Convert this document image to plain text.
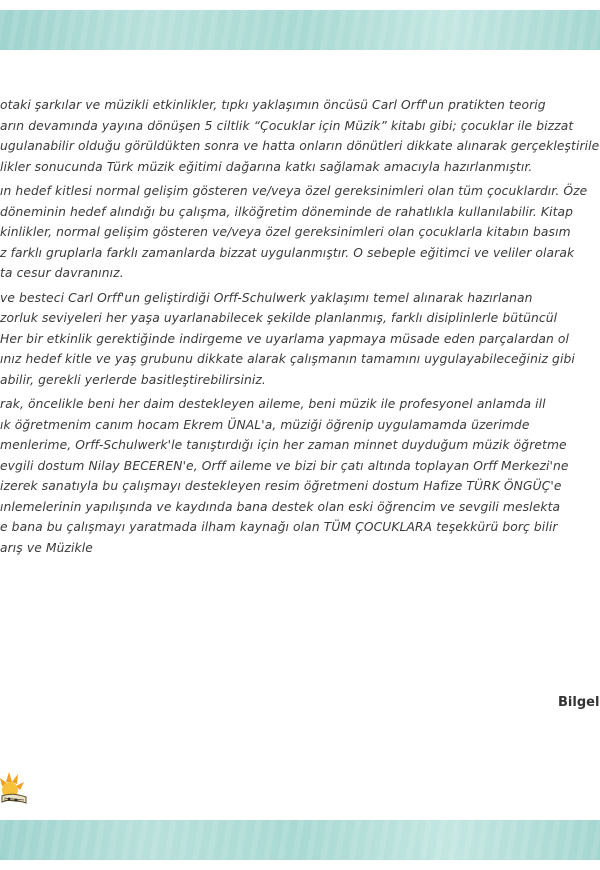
otaki şarkılar ve müzikli etkinlikler, tıpkı yaklaşımın öncüsü Carl Orff'un pratikten teorig
arın devamında yayına dönüşen 5 ciltlik “Çocuklar için Müzik” kitabı gibi; çocuklar ile bizzat
ugulanabilir olduğu görüldükten sonra ve hatta onların dönütleri dikkate alınarak gerçekleştirile
likler sonucunda Türk müzik eğitimi dağarına katkı sağlamak amacıyla hazırlanmıştır.
ın hedef kitlesi normal gelişim gösteren ve/veya özel gereksinimleri olan tüm çocuklardır. Öze
döneminin hedef alındığı bu çalışma, ilköğretim döneminde de rahatlıkla kullanılabilir. Kitap
kinlikler, normal gelişim gösteren ve/veya özel gereksinimleri olan çocuklarla kitabın basım
z farklı gruplarla farklı zamanlarda bizzat uygulanmıştır. O sebeple eğitimci ve veliler olarak
ta cesur davranınız.
ve besteci Carl Orff'un geliştirdiği Orff-Schulwerk yaklaşımı temel alınarak hazırlanan
zorluk seviyeleri her yaşa uyarlanabilecek şekilde planlanmış, farklı disiplinlerle bütüncül
Her bir etkinlik gerektiğinde indirgeme ve uyarlama yapmaya müsade eden parçalardan ol
ınız hedef kitle ve yaş grubunu dikkate alarak çalışmanın tamamını uygulayabileceğiniz gibi
abilir, gerekli yerlerde basitleştirebilirsiniz.
rak, öncelikle beni her daim destekleyen aileme, beni müzik ile profesyonel anlamda ill
ık öğretmenim canım hocam Ekrem ÜNAL'a, müziği öğrenip uygulamamda üzerimde
menlerime, Orff-Schulwerk'le tanıştırdığı için her zaman minnet duyduğum müzik öğretme
evgili dostum Nilay BECEREN'e, Orff aileme ve bizi bir çatı altında toplayan Orff Merkezi'ne
izerek sanatıyla bu çalışmayı destekleyen resim öğretmeni dostum Hafize TÜRK ÖNGÜÇ'e
ınlemelerinin yapılışında ve kaydında bana destek olan eski öğrencim ve sevgili meslekta
e bana bu çalışmayı yaratmada ilham kaynağı olan TÜM ÇOCUKLARA teşekkürü borç bilir
arış ve Müzikle
Bilgel
